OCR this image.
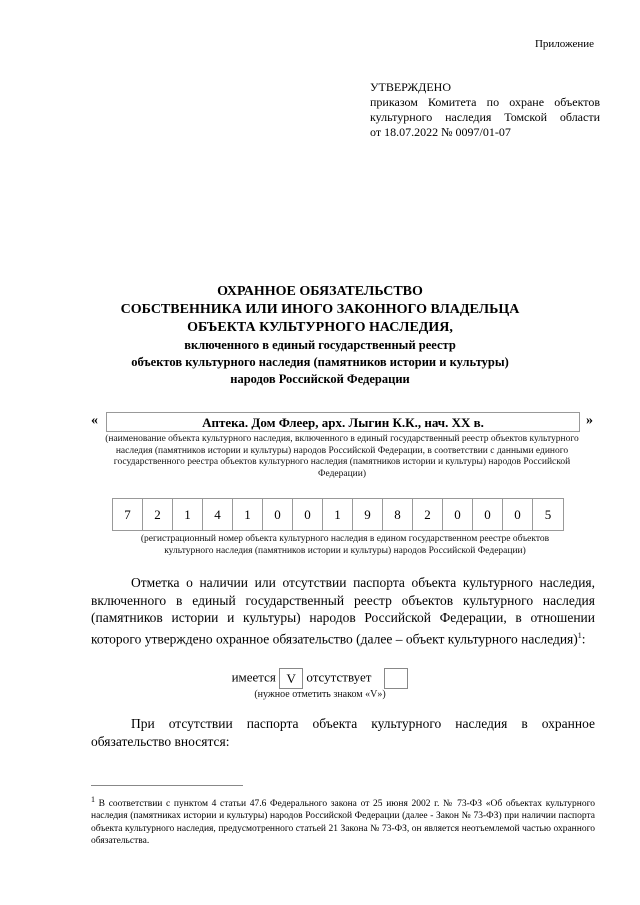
Приложение
УТВЕРЖДЕНО
приказом Комитета по охране объектов
культурного наследия Томской области
от 18.07.2022 № 0097/01-07
ОХРАННОЕ ОБЯЗАТЕЛЬСТВО
СОБСТВЕННИКА ИЛИ ИНОГО ЗАКОННОГО ВЛАДЕЛЬЦА
ОБЪЕКТА КУЛЬТУРНОГО НАСЛЕДИЯ,
включенного в единый государственный реестр
объектов культурного наследия (памятников истории и культуры)
народов Российской Федерации
«	Аптека. Дом Флеер, арх. Лыгин К.К., нач. XX в.	»
(наименование объекта культурного наследия, включенного в единый государственный реестр объектов культурного наследия (памятников истории и культуры) народов Российской Федерации, в соответствии с данными единого государственного реестра объектов культурного наследия (памятников истории и культуры) народов Российской Федерации)
7	2	1	4	1	0	0	1	9	8	2	0	0	0	5
(регистрационный номер объекта культурного наследия в едином государственном реестре объектов культурного наследия (памятников истории и культуры) народов Российской Федерации)
Отметка о наличии или отсутствии паспорта объекта культурного наследия, включенного в единый государственный реестр объектов культурного наследия (памятников истории и культуры) народов Российской Федерации, в отношении которого утверждено охранное обязательство (далее – объект культурного наследия)$^1$:
имеется V отсутствует
(нужное отметить знаком «V»)
При отсутствии паспорта объекта культурного наследия в охранное обязательство вносятся:
$^1$ В соответствии с пунктом 4 статьи 47.6 Федерального закона от 25 июня 2002 г. № 73-ФЗ «Об объектах культурного наследия (памятниках истории и культуры) народов Российской Федерации (далее - Закон № 73-ФЗ) при наличии паспорта объекта культурного наследия, предусмотренного статьей 21 Закона № 73-ФЗ, он является неотъемлемой частью охранного обязательства.
